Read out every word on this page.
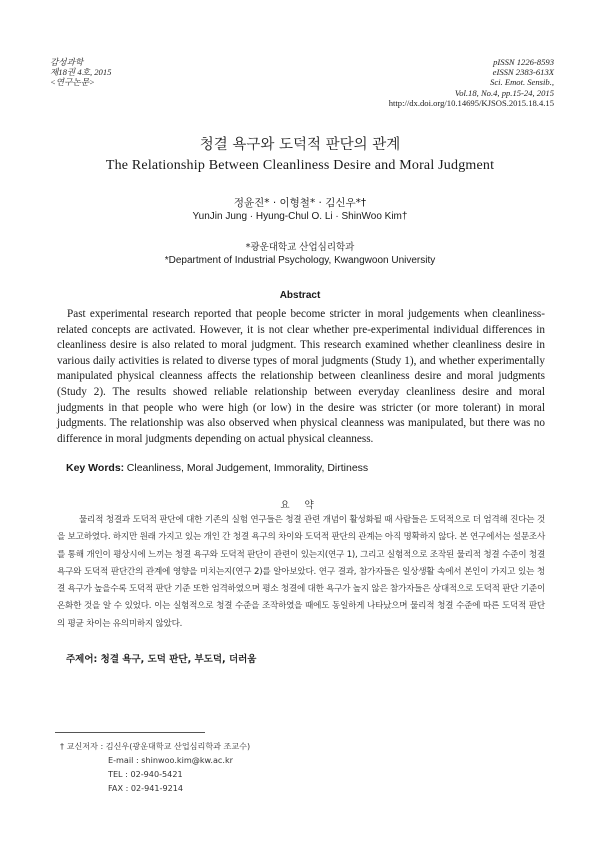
감성과학
제18권 4호, 2015
<연구논문>
pISSN 1226-8593
eISSN 2383-613X
Sci. Emot. Sensib.,
Vol.18, No.4, pp.15-24, 2015
http://dx.doi.org/10.14695/KJSOS.2015.18.4.15
청결 욕구와 도덕적 판단의 관계
The Relationship Between Cleanliness Desire and Moral Judgment
정윤진* · 이형철* · 김신우*†
YunJin Jung · Hyung-Chul O. Li · ShinWoo Kim†
*광운대학교 산업심리학과
*Department of Industrial Psychology, Kwangwoon University
Abstract
Past experimental research reported that people become stricter in moral judgements when cleanliness-related concepts are activated. However, it is not clear whether pre-experimental individual differences in cleanliness desire is also related to moral judgment. This research examined whether cleanliness desire in various daily activities is related to diverse types of moral judgments (Study 1), and whether experimentally manipulated physical cleanness affects the relationship between cleanliness desire and moral judgments (Study 2). The results showed reliable relationship between everyday cleanliness desire and moral judgments in that people who were high (or low) in the desire was stricter (or more tolerant) in moral judgments. The relationship was also observed when physical cleanness was manipulated, but there was no difference in moral judgments depending on actual physical cleanness.
Key Words: Cleanliness, Moral Judgement, Immorality, Dirtiness
요 약
물리적 청결과 도덕적 판단에 대한 기존의 실험 연구들은 청결 관련 개념이 활성화될 때 사람들은 도덕적으로 더 엄격해 진다는 것을 보고하였다. 하지만 원래 가지고 있는 개인 간 청결 욕구의 차이와 도덕적 판단의 관계는 아직 명확하지 않다. 본 연구에서는 설문조사를 통해 개인이 평상시에 느끼는 청결 욕구와 도덕적 판단이 관련이 있는지(연구 1), 그리고 실험적으로 조작된 물리적 청결 수준이 청결 욕구와 도덕적 판단간의 관계에 영향을 미치는지(연구 2)를 알아보았다. 연구 결과, 참가자들은 일상생활 속에서 본인이 가지고 있는 청결 욕구가 높을수록 도덕적 판단 기준 또한 엄격하였으며 평소 청결에 대한 욕구가 높지 않은 참가자들은 상대적으로 도덕적 판단 기준이 온화한 것을 알 수 있었다. 이는 실험적으로 청결 수준을 조작하였을 때에도 동일하게 나타났으며 물리적 청결 수준에 따른 도덕적 판단의 평균 차이는 유의미하지 않았다.
주제어: 청결 욕구, 도덕 판단, 부도덕, 더러움
† 교신저자 : 김신우(광운대학교 산업심리학과 조교수)
E-mail : shinwoo.kim@kw.ac.kr
TEL : 02-940-5421
FAX : 02-941-9214
